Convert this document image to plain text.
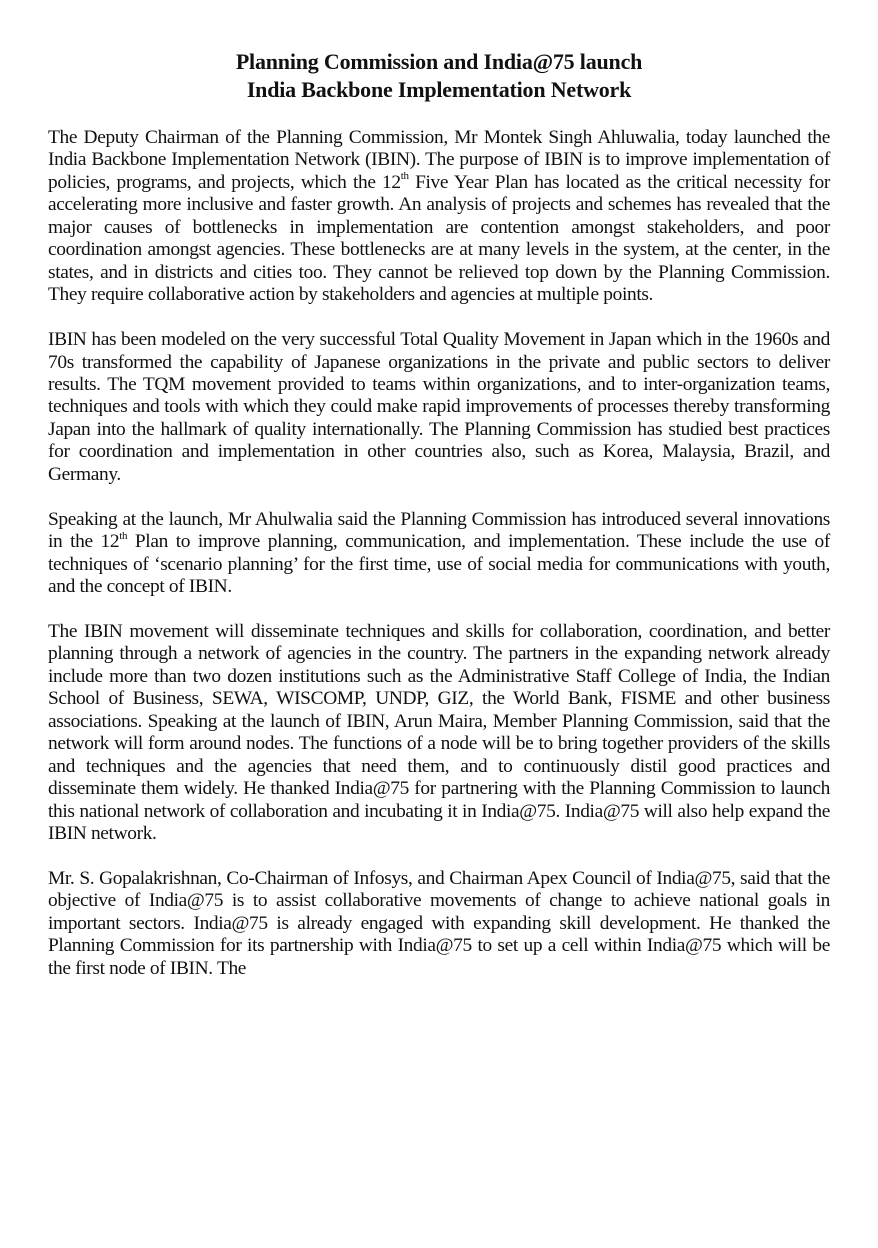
Planning Commission and India@75 launch
India Backbone Implementation Network

The Deputy Chairman of the Planning Commission, Mr Montek Singh Ahluwalia, today launched the India Backbone Implementation Network (IBIN). The purpose of IBIN is to improve implementation of policies, programs, and projects, which the 12th Five Year Plan has located as the critical necessity for accelerating more inclusive and faster growth. An analysis of projects and schemes has revealed that the major causes of bottlenecks in implementation are contention amongst stakeholders, and poor coordination amongst agencies. These bottlenecks are at many levels in the system, at the center, in the states, and in districts and cities too. They cannot be relieved top down by the Planning Commission. They require collaborative action by stakeholders and agencies at multiple points.

IBIN has been modeled on the very successful Total Quality Movement in Japan which in the 1960s and 70s transformed the capability of Japanese organizations in the private and public sectors to deliver results. The TQM movement provided to teams within organizations, and to inter-organization teams, techniques and tools with which they could make rapid improvements of processes thereby transforming Japan into the hallmark of quality internationally. The Planning Commission has studied best practices for coordination and implementation in other countries also, such as Korea, Malaysia, Brazil, and Germany.

Speaking at the launch, Mr Ahulwalia said the Planning Commission has introduced several innovations in the 12th Plan to improve planning, communication, and implementation. These include the use of techniques of ‘scenario planning’ for the first time, use of social media for communications with youth, and the concept of IBIN.

The IBIN movement will disseminate techniques and skills for collaboration, coordination, and better planning through a network of agencies in the country. The partners in the expanding network already include more than two dozen institutions such as the Administrative Staff College of India, the Indian School of Business, SEWA, WISCOMP, UNDP, GIZ, the World Bank, FISME and other business associations. Speaking at the launch of IBIN, Arun Maira, Member Planning Commission, said that the network will form around nodes. The functions of a node will be to bring together providers of the skills and techniques and the agencies that need them, and to continuously distil good practices and disseminate them widely. He thanked India@75 for partnering with the Planning Commission to launch this national network of collaboration and incubating it in India@75. India@75 will also help expand the IBIN network.

Mr. S. Gopalakrishnan, Co-Chairman of Infosys, and Chairman Apex Council of India@75, said that the objective of India@75 is to assist collaborative movements of change to achieve national goals in important sectors. India@75 is already engaged with expanding skill development. He thanked the Planning Commission for its partnership with India@75 to set up a cell within India@75 which will be the first node of IBIN. The
